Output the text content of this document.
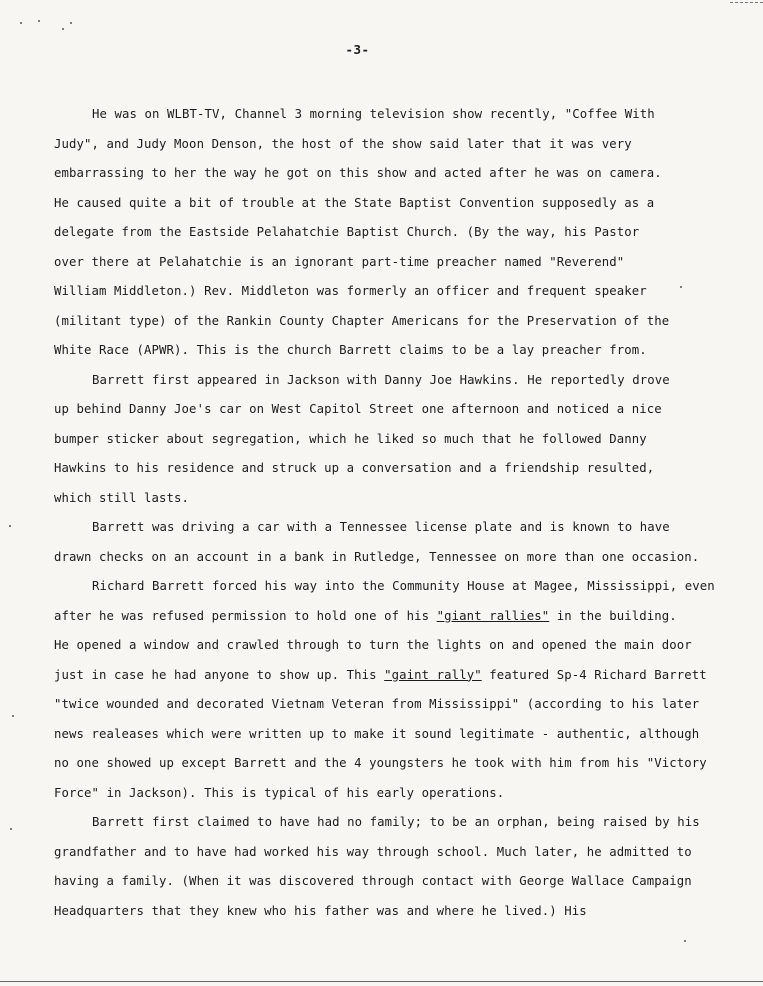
-3-
He was on WLBT-TV, Channel 3 morning television show recently, "Coffee With
Judy", and Judy Moon Denson, the host of the show said later that it was very
embarrassing to her the way he got on this show and acted after he was on camera.
He caused quite a bit of trouble at the State Baptist Convention supposedly as a
delegate from the Eastside Pelahatchie Baptist Church. (By the way, his Pastor
over there at Pelahatchie is an ignorant part-time preacher named "Reverend"
William Middleton.) Rev. Middleton was formerly an officer and frequent speaker
(militant type) of the Rankin County Chapter Americans for the Preservation of the
White Race (APWR). This is the church Barrett claims to be a lay preacher from.
Barrett first appeared in Jackson with Danny Joe Hawkins. He reportedly drove
up behind Danny Joe's car on West Capitol Street one afternoon and noticed a nice
bumper sticker about segregation, which he liked so much that he followed Danny
Hawkins to his residence and struck up a conversation and a friendship resulted,
which still lasts.
Barrett was driving a car with a Tennessee license plate and is known to have
drawn checks on an account in a bank in Rutledge, Tennessee on more than one occasion.
Richard Barrett forced his way into the Community House at Magee, Mississippi, even
after he was refused permission to hold one of his "giant rallies" in the building.
He opened a window and crawled through to turn the lights on and opened the main door
just in case he had anyone to show up. This "gaint rally" featured Sp-4 Richard Barrett
"twice wounded and decorated Vietnam Veteran from Mississippi" (according to his later
news realeases which were written up to make it sound legitimate - authentic, although
no one showed up except Barrett and the 4 youngsters he took with him from his "Victory
Force" in Jackson). This is typical of his early operations.
Barrett first claimed to have had no family; to be an orphan, being raised by his
grandfather and to have had worked his way through school. Much later, he admitted to
having a family. (When it was discovered through contact with George Wallace Campaign
Headquarters that they knew who his father was and where he lived.) His
